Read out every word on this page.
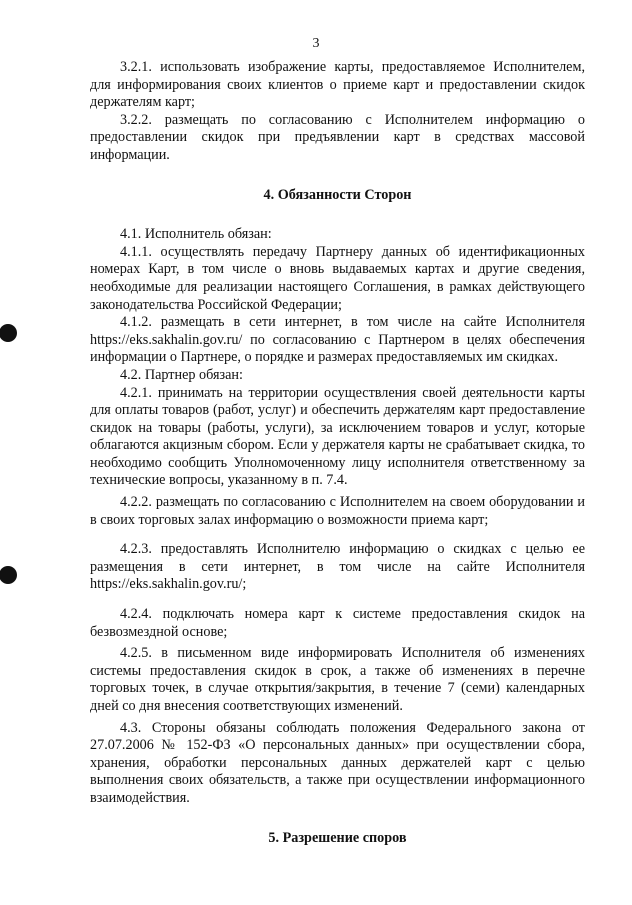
3

3.2.1. использовать изображение карты, предоставляемое Исполнителем, для информирования своих клиентов о приеме карт и предоставлении скидок держателям карт;

3.2.2. размещать по согласованию с Исполнителем информацию о предоставлении скидок при предъявлении карт в средствах массовой информации.

4. Обязанности Сторон

4.1. Исполнитель обязан:

4.1.1. осуществлять передачу Партнеру данных об идентификационных номерах Карт, в том числе о вновь выдаваемых картах и другие сведения, необходимые для реализации настоящего Соглашения, в рамках действующего законодательства Российской Федерации;

4.1.2. размещать в сети интернет, в том числе на сайте Исполнителя https://eks.sakhalin.gov.ru/ по согласованию с Партнером в целях обеспечения информации о Партнере, о порядке и размерах предоставляемых им скидках.

4.2. Партнер обязан:

4.2.1. принимать на территории осуществления своей деятельности карты для оплаты товаров (работ, услуг) и обеспечить держателям карт предоставление скидок на товары (работы, услуги), за исключением товаров и услуг, которые облагаются акцизным сбором. Если у держателя карты не срабатывает скидка, то необходимо сообщить Уполномоченному лицу исполнителя ответственному за технические вопросы, указанному в п. 7.4.

4.2.2. размещать по согласованию с Исполнителем на своем оборудовании и в своих торговых залах информацию о возможности приема карт;

4.2.3. предоставлять Исполнителю информацию о скидках с целью ее размещения в сети интернет, в том числе на сайте Исполнителя https://eks.sakhalin.gov.ru/;

4.2.4. подключать номера карт к системе предоставления скидок на безвозмездной основе;

4.2.5. в письменном виде информировать Исполнителя об изменениях системы предоставления скидок в срок, а также об изменениях в перечне торговых точек, в случае открытия/закрытия, в течение 7 (семи) календарных дней со дня внесения соответствующих изменений.

4.3. Стороны обязаны соблюдать положения Федерального закона от 27.07.2006 № 152-ФЗ «О персональных данных» при осуществлении сбора, хранения, обработки персональных данных держателей карт с целью выполнения своих обязательств, а также при осуществлении информационного взаимодействия.

5. Разрешение споров
